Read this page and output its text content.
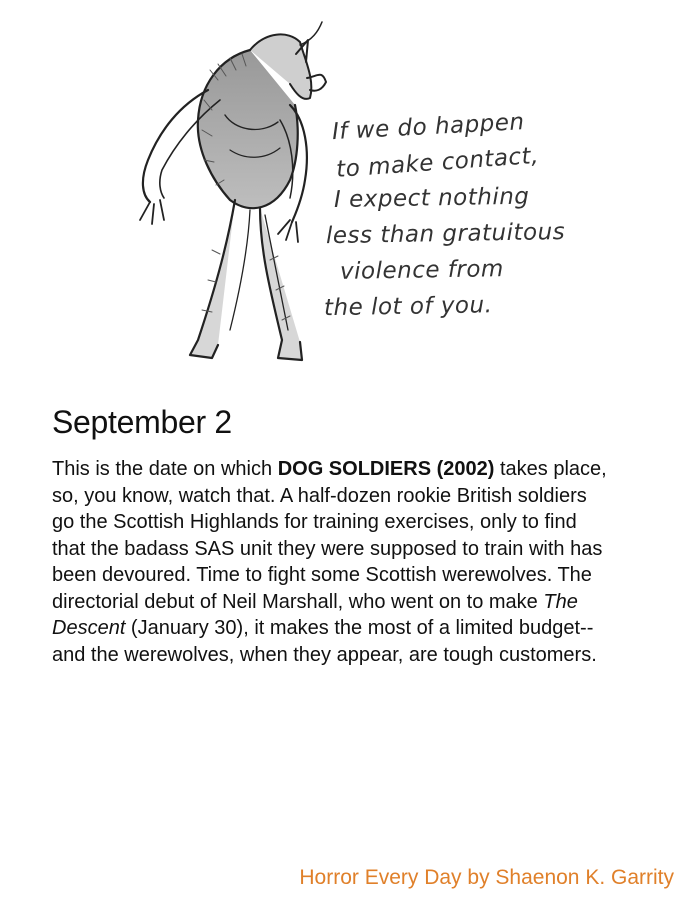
If we do happen
to make contact,
I expect nothing
less than gratuitous
violence from
the lot of you.
September 2

This is the date on which DOG SOLDIERS (2002) takes place, so, you know, watch that. A half-dozen rookie British soldiers go the Scottish Highlands for training exercises, only to find that the badass SAS unit they were supposed to train with has been devoured. Time to fight some Scottish werewolves. The directorial debut of Neil Marshall, who went on to make The Descent (January 30), it makes the most of a limited budget--and the werewolves, when they appear, are tough customers.

Horror Every Day by Shaenon K. Garrity
